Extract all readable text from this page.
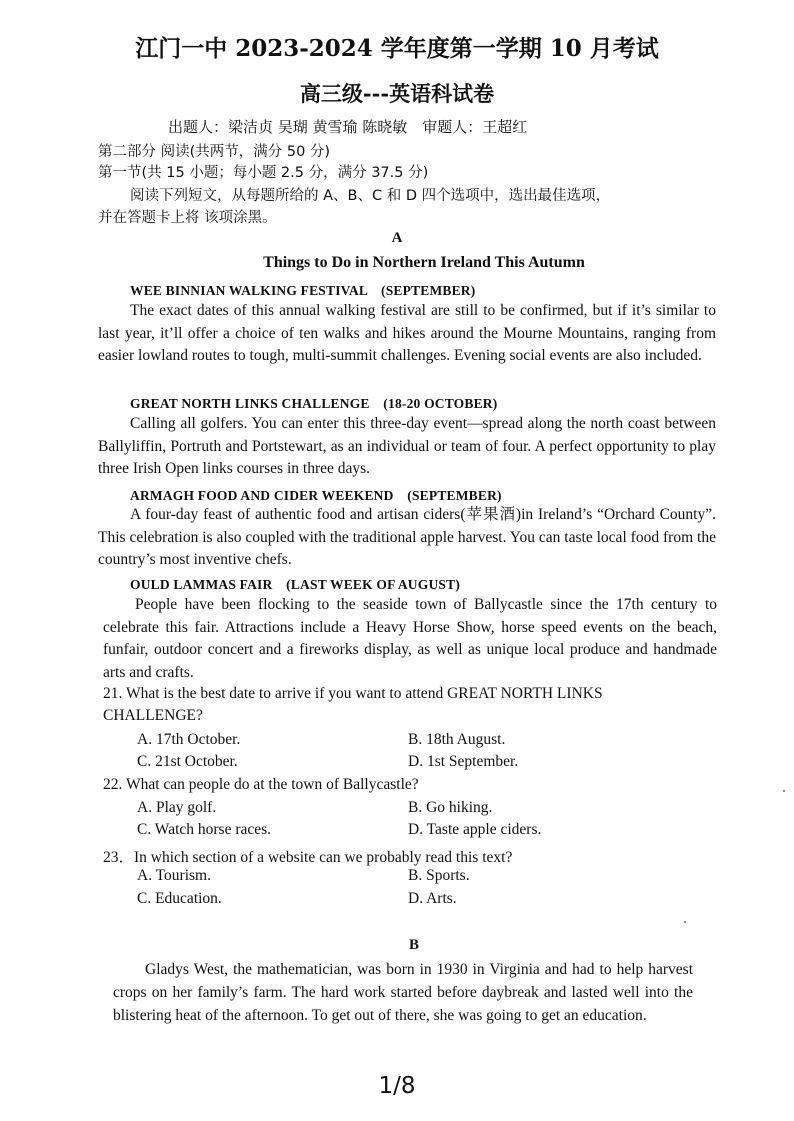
江门一中 2023-2024 学年度第一学期 10 月考试
高三级---英语科试卷
出题人：梁洁贞 吴瑚 黄雪瑜 陈晓敏　审题人：王超红
第二部分 阅读(共两节，满分 50 分)
第一节(共 15 小题；每小题 2.5 分，满分 37.5 分)
阅读下列短文，从每题所给的 A、B、C 和 D 四个选项中，选出最佳选项，
并在答题卡上将 该项涂黑。
A
Things to Do in Northern Ireland This Autumn
WEE BINNIAN WALKING FESTIVAL　(SEPTEMBER)
The exact dates of this annual walking festival are still to be confirmed, but if it’s similar to last year, it’ll offer a choice of ten walks and hikes around the Mourne Mountains, ranging from easier lowland routes to tough, multi-summit challenges. Evening social events are also included.
GREAT NORTH LINKS CHALLENGE　(18-20 OCTOBER)
Calling all golfers. You can enter this three-day event—spread along the north coast between Ballyliffin, Portruth and Portstewart, as an individual or team of four. A perfect opportunity to play three Irish Open links courses in three days.
ARMAGH FOOD AND CIDER WEEKEND　(SEPTEMBER)
A four-day feast of authentic food and artisan ciders(苹果酒)in Ireland’s “Orchard County”. This celebration is also coupled with the traditional apple harvest. You can taste local food from the country’s most inventive chefs.
OULD LAMMAS FAIR　(LAST WEEK OF AUGUST)
People have been flocking to the seaside town of Ballycastle since the 17th century to celebrate this fair. Attractions include a Heavy Horse Show, horse speed events on the beach, funfair, outdoor concert and a fireworks display, as well as unique local produce and handmade arts and crafts.
21. What is the best date to arrive if you want to attend GREAT NORTH LINKS
CHALLENGE?
A. 17th October.	B. 18th August.
C. 21st October.	D. 1st September.
22. What can people do at the town of Ballycastle?
A. Play golf.	B. Go hiking.
C. Watch horse races.	D. Taste apple ciders.
23．In which section of a website can we probably read this text?
A. Tourism.	B. Sports.
C. Education.	D. Arts.
B
Gladys West, the mathematician, was born in 1930 in Virginia and had to help harvest crops on her family’s farm. The hard work started before daybreak and lasted well into the blistering heat of the afternoon. To get out of there, she was going to get an education.
1/8
